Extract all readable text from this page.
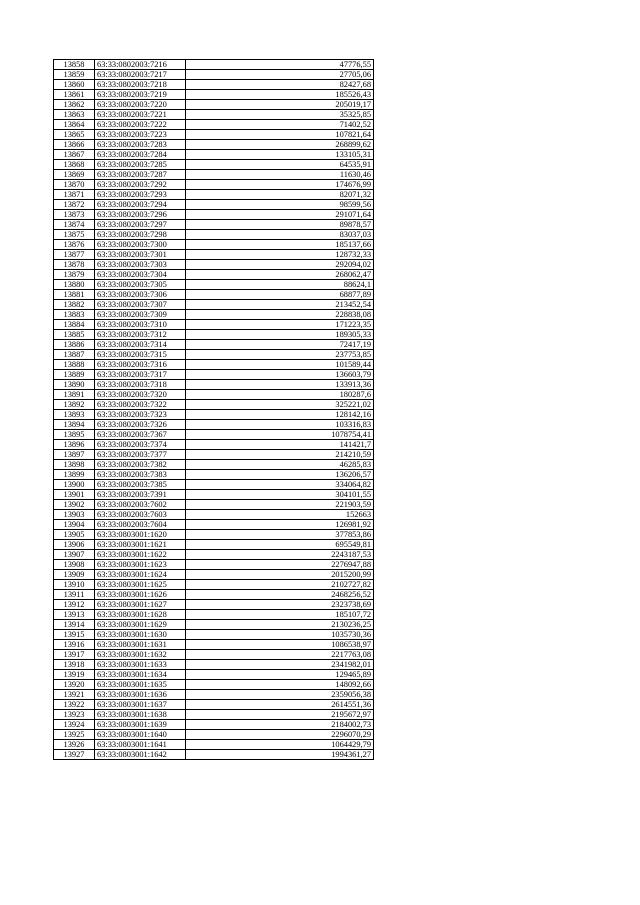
13858	63:33:0802003:7216	47776,55
13859	63:33:0802003:7217	27705,06
13860	63:33:0802003:7218	82427,68
13861	63:33:0802003:7219	185526,43
13862	63:33:0802003:7220	205019,17
13863	63:33:0802003:7221	35325,85
13864	63:33:0802003:7222	71402,52
13865	63:33:0802003:7223	107821,64
13866	63:33:0802003:7283	268899,62
13867	63:33:0802003:7284	133105,31
13868	63:33:0802003:7285	64535,91
13869	63:33:0802003:7287	11630,46
13870	63:33:0802003:7292	174676,99
13871	63:33:0802003:7293	82071,32
13872	63:33:0802003:7294	98599,56
13873	63:33:0802003:7296	291071,64
13874	63:33:0802003:7297	89878,57
13875	63:33:0802003:7298	83037,03
13876	63:33:0802003:7300	185137,66
13877	63:33:0802003:7301	128732,33
13878	63:33:0802003:7303	292094,02
13879	63:33:0802003:7304	268062,47
13880	63:33:0802003:7305	88624,1
13881	63:33:0802003:7306	68877,89
13882	63:33:0802003:7307	213452,54
13883	63:33:0802003:7309	228838,08
13884	63:33:0802003:7310	171223,35
13885	63:33:0802003:7312	189305,33
13886	63:33:0802003:7314	72417,19
13887	63:33:0802003:7315	237753,85
13888	63:33:0802003:7316	101589,44
13889	63:33:0802003:7317	136603,79
13890	63:33:0802003:7318	133913,36
13891	63:33:0802003:7320	180287,6
13892	63:33:0802003:7322	325221,02
13893	63:33:0802003:7323	128142,16
13894	63:33:0802003:7326	103316,83
13895	63:33:0802003:7367	1078754,41
13896	63:33:0802003:7374	141421,7
13897	63:33:0802003:7377	214210,59
13898	63:33:0802003:7382	46285,83
13899	63:33:0802003:7383	136206,57
13900	63:33:0802003:7385	334064,82
13901	63:33:0802003:7391	304101,55
13902	63:33:0802003:7602	221903,59
13903	63:33:0802003:7603	152663
13904	63:33:0802003:7604	126981,92
13905	63:33:0803001:1620	377853,86
13906	63:33:0803001:1621	695549,81
13907	63:33:0803001:1622	2243187,53
13908	63:33:0803001:1623	2276947,88
13909	63:33:0803001:1624	2015200,99
13910	63:33:0803001:1625	2102727,82
13911	63:33:0803001:1626	2468256,52
13912	63:33:0803001:1627	2323738,69
13913	63:33:0803001:1628	185107,72
13914	63:33:0803001:1629	2130236,25
13915	63:33:0803001:1630	1035730,36
13916	63:33:0803001:1631	1086538,97
13917	63:33:0803001:1632	2217763,08
13918	63:33:0803001:1633	2341982,01
13919	63:33:0803001:1634	129465,89
13920	63:33:0803001:1635	148092,66
13921	63:33:0803001:1636	2359056,38
13922	63:33:0803001:1637	2614551,36
13923	63:33:0803001:1638	2195672,97
13924	63:33:0803001:1639	2184002,73
13925	63:33:0803001:1640	2296070,29
13926	63:33:0803001:1641	1064429,79
13927	63:33:0803001:1642	1994361,27
